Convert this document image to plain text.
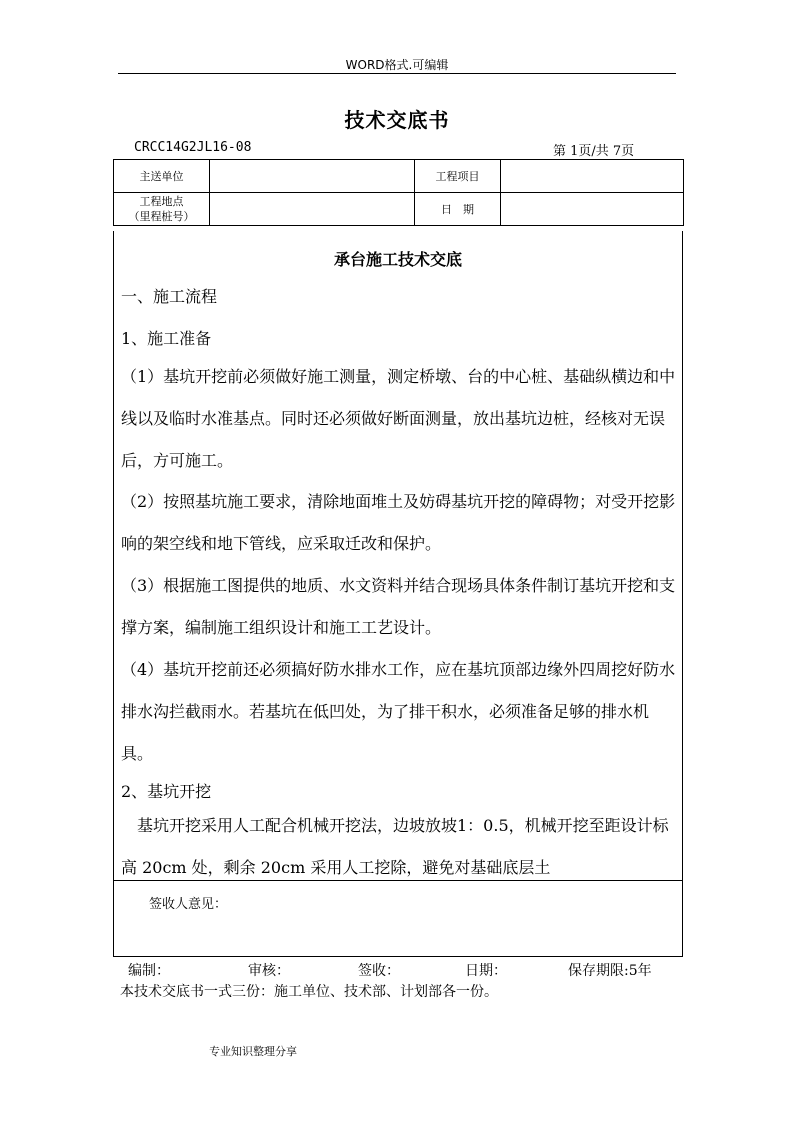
WORD格式.可编辑
技术交底书
CRCC14G2JL16-08	第 1页/共 7页
主送单位		工程项目	

工程地点
（里程桩号）		日　期	
承台施工技术交底

一、施工流程

1、施工准备

（1）基坑开挖前必须做好施工测量，测定桥墩、台的中心桩、基础纵横边和中线以及临时水准基点。同时还必须做好断面测量，放出基坑边桩，经核对无误后，方可施工。

（2）按照基坑施工要求，清除地面堆土及妨碍基坑开挖的障碍物；对受开挖影响的架空线和地下管线，应采取迁改和保护。

（3）根据施工图提供的地质、水文资料并结合现场具体条件制订基坑开挖和支撑方案，编制施工组织设计和施工工艺设计。

（4）基坑开挖前还必须搞好防水排水工作，应在基坑顶部边缘外四周挖好防水排水沟拦截雨水。若基坑在低凹处，为了排干积水，必须准备足够的排水机具。

2、基坑开挖

　基坑开挖采用人工配合机械开挖法，边坡放坡1：0.5，机械开挖至距设计标高 20cm 处，剩余 20cm 采用人工挖除，避免对基础底层土

签收人意见：
编制：	审核：	签收：	日期：	保存期限:5年
本技术交底书一式三份：施工单位、技术部、计划部各一份。
专业知识整理分享
